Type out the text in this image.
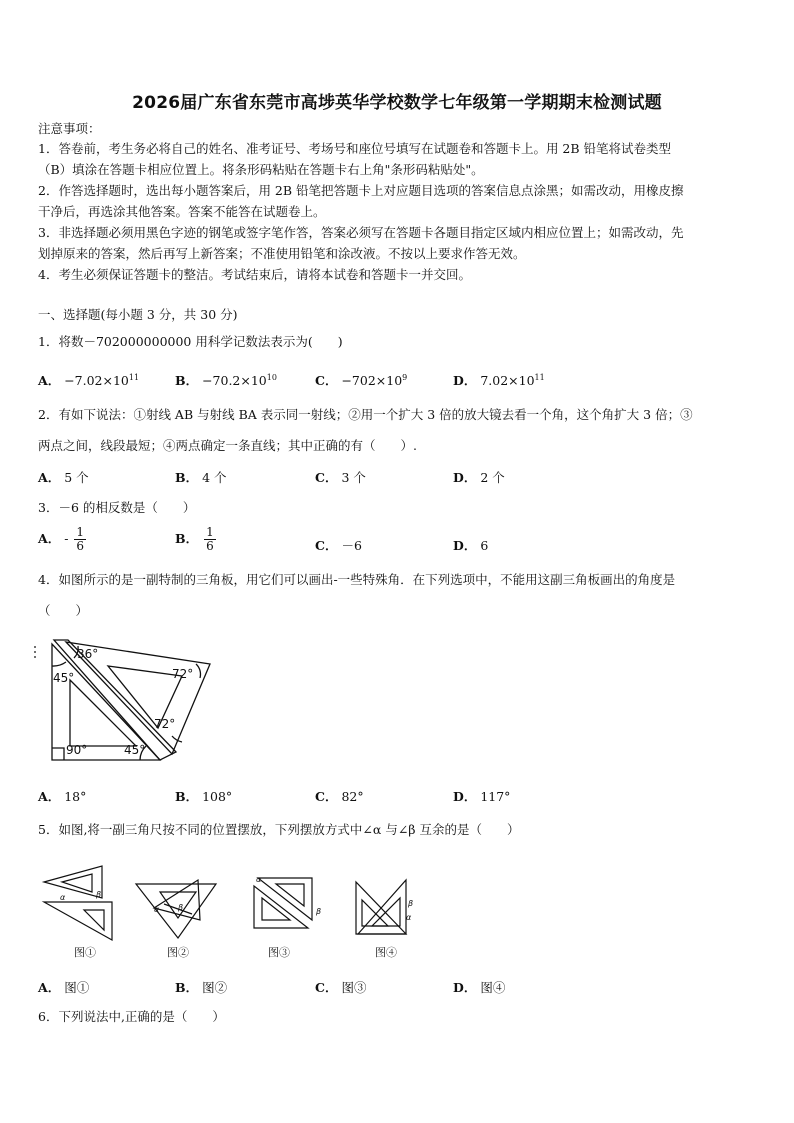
2026届广东省东莞市高埗英华学校数学七年级第一学期期末检测试题
注意事项：
1．答卷前，考生务必将自己的姓名、准考证号、考场号和座位号填写在试题卷和答题卡上。用 2B 铅笔将试卷类型
（B）填涂在答题卡相应位置上。将条形码粘贴在答题卡右上角"条形码粘贴处"。
2．作答选择题时，选出每小题答案后，用 2B 铅笔把答题卡上对应题目选项的答案信息点涂黑；如需改动，用橡皮擦
干净后，再选涂其他答案。答案不能答在试题卷上。
3．非选择题必须用黑色字迹的钢笔或签字笔作答，答案必须写在答题卡各题目指定区域内相应位置上；如需改动，先
划掉原来的答案，然后再写上新答案；不准使用铅笔和涂改液。不按以上要求作答无效。
4．考生必须保证答题卡的整洁。考试结束后，请将本试卷和答题卡一并交回。
一、选择题(每小题 3 分，共 30 分)
1．将数－702000000000 用科学记数法表示为(　　)
A． $-7.02\times 10^{11}$	B． $-70.2\times 10^{10}$	C． $-702\times 10^9$	D． $7.02\times 10^{11}$
2．有如下说法：①射线 AB 与射线 BA 表示同一射线；②用一个扩大 3 倍的放大镜去看一个角，这个角扩大 3 倍；③
两点之间，线段最短；④两点确定一条直线；其中正确的有（　　）.
A． 5 个	B． 4 个	C． 3 个	D． 2 个
3．－6 的相反数是（　　）
A． - $\frac{1}{6}$	B． $\frac{1}{6}$	C． －6	D． 6
4．如图所示的是一副特制的三角板，用它们可以画出-一些特殊角．在下列选项中，不能用这副三角板画出的角度是
（　　）
36°
72°
45°
72°
90°	45°
A． 18°	B． 108°	C． 82°	D． 117°
5．如图,将一副三角尺按不同的位置摆放，下列摆放方式中∠α 与∠β 互余的是（　　）
α	β
图①
α β
图②
α
β
图③
β
α
图④
A． 图①	B． 图②	C． 图③	D． 图④
6．下列说法中,正确的是（　　）
